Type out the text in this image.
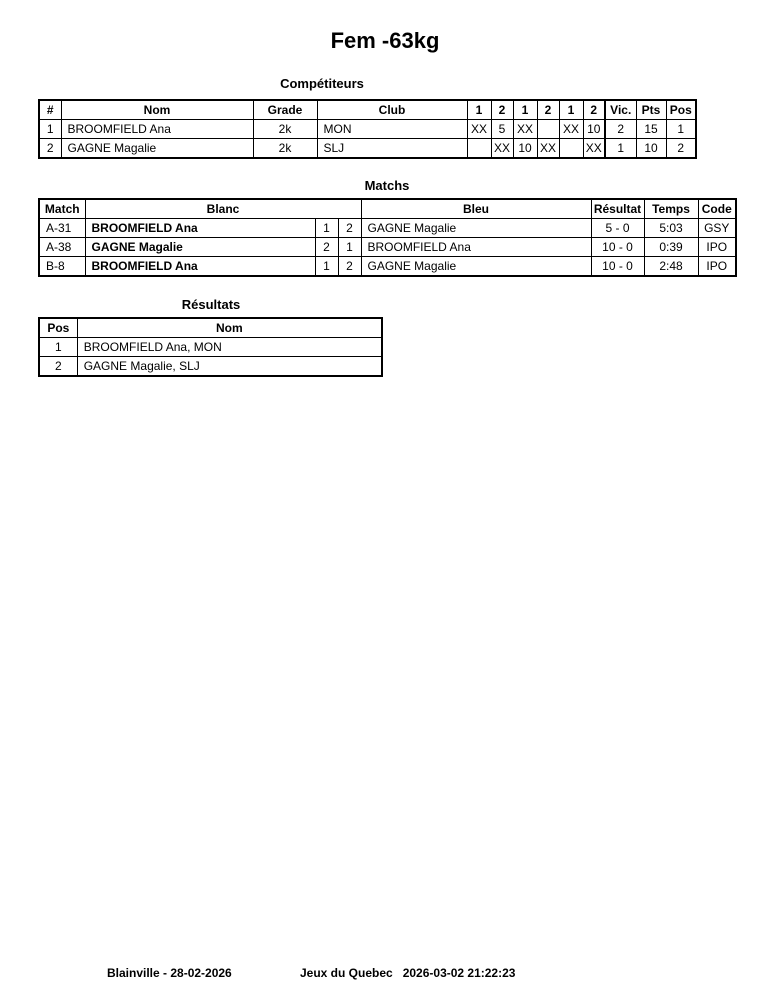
Fem -63kg
Compétiteurs
#	Nom	Grade	Club	1	2	1	2	1	2	Vic.	Pts	Pos
1	BROOMFIELD Ana	2k	MON	XX	5	XX		XX	10	2	15	1
2	GAGNE Magalie	2k	SLJ		XX	10	XX		XX	1	10	2
Matchs
Match	Blanc			Bleu	Résultat	Temps	Code
A-31	BROOMFIELD Ana	1	2	GAGNE Magalie	5 - 0	5:03	GSY
A-38	GAGNE Magalie	2	1	BROOMFIELD Ana	10 - 0	0:39	IPO
B-8	BROOMFIELD Ana	1	2	GAGNE Magalie	10 - 0	2:48	IPO
Résultats
Pos	Nom
1	BROOMFIELD Ana, MON
2	GAGNE Magalie, SLJ
Blainville - 28-02-2026	Jeux du Quebec   2026-03-02 21:22:23
